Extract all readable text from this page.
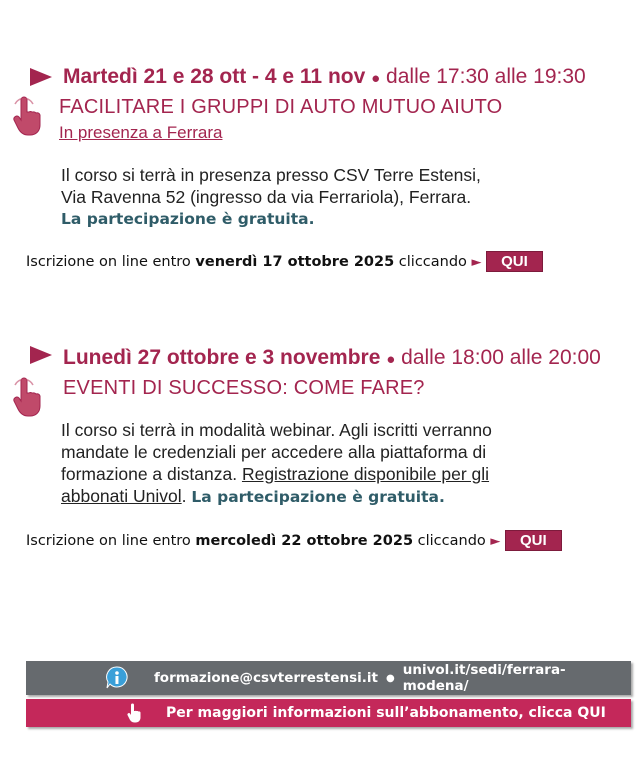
Martedì 21 e 28 ott - 4 e 11 nov ● dalle 17:30 alle 19:30
FACILITARE I GRUPPI DI AUTO MUTUO AIUTO
In presenza a Ferrara
Il corso si terrà in presenza presso CSV Terre Estensi,
Via Ravenna 52 (ingresso da via Ferrariola), Ferrara.
La partecipazione è gratuita.
Iscrizione on line entro venerdì 17 ottobre 2025 cliccando ► QUI
Lunedì 27 ottobre e 3 novembre ● dalle 18:00 alle 20:00
EVENTI DI SUCCESSO: COME FARE?
Il corso si terrà in modalità webinar. Agli iscritti verranno
mandate le credenziali per accedere alla piattaforma di
formazione a distanza. Registrazione disponibile per gli
abbonati Univol. La partecipazione è gratuita.
Iscrizione on line entro mercoledì 22 ottobre 2025 cliccando ► QUI
formazione@csvterrestensi.it ● univol.it/sedi/ferrara-modena/
Per maggiori informazioni sull’abbonamento, clicca QUI
